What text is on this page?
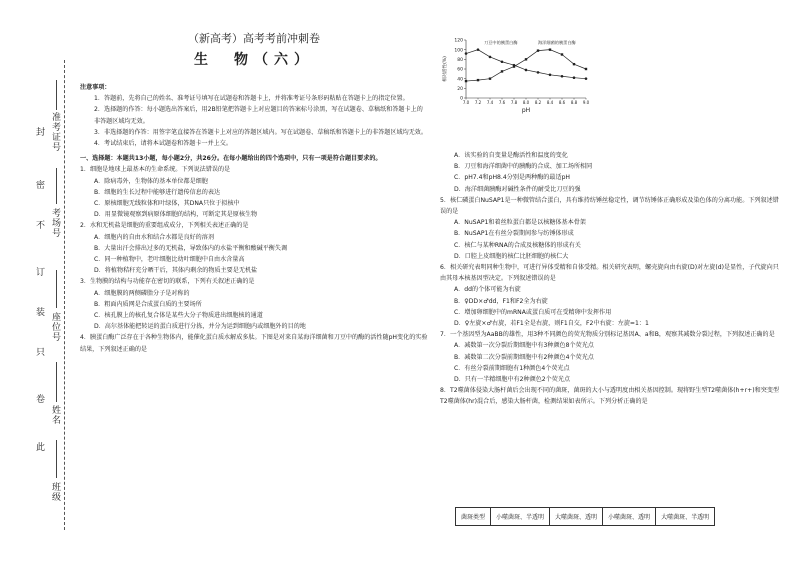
封
密
不
订
装
只
卷
此
准考证号
考场号
座位号
姓名
班级
（新高考）高考考前冲刺卷
生　物（六）

注意事项：

1．答题前，先将自己的姓名、准考证号填写在试题卷和答题卡上，并将准考证号条形码粘贴在答题卡上的指定位置。

2．选择题的作答：每小题选出答案后，用2B铅笔把答题卡上对应题目的答案标号涂黑，写在试题卷、草稿纸和答题卡上的非答题区域均无效。

3．非选择题的作答：用签字笔直接答在答题卡上对应的答题区域内。写在试题卷、草稿纸和答题卡上的非答题区域均无效。

4．考试结束后，请将本试题卷和答题卡一并上交。

一、选择题：本题共13小题，每小题2分，共26分。在每小题给出的四个选项中，只有一项是符合题目要求的。

1．细胞是地球上最基本的生命系统。下列说法错误的是

A．除病毒外，生物体的基本单位都是细胞

B．细胞的生长过程中能够进行遗传信息的表达

C．原核细胞无线粒体和叶绿体，其DNA只位于拟核中

D．用显微镜观察到病原体细胞的结构，可断定其是原核生物

2．水和无机盐是细胞的重要组成成分，下列相关表述正确的是

A．细胞内的自由水和结合水都是良好的溶剂

B．大量出汗会排出过多的无机盐，导致体内的水盐平衡和酸碱平衡失调

C．同一种植物中，老叶细胞比幼叶细胞中自由水含量高

D．将植物秸秆充分晒干后，其体内剩余的物质主要是无机盐

3．生物膜的结构与功能存在密切的联系，下列有关叙述正确的是

A．细胞膜的两侧磷脂分子是对称的

B．粗面内质网是合成蛋白质的主要场所

C．核孔膜上的核孔复合体是某些大分子物质进出细胞核的通道

D．高尔基体能把转运的蛋白质进行分拣，并分为运到细胞内或细胞外的目的地

4．胰蛋白酶广泛存在于各种生物体内，能催化蛋白质水解成多肽。下图是对来自某海洋细菌和刀豆中的酶的活性随pH变化的实验结果，下列叙述正确的是

0
20
40
60
80
100
120
7.0 7.2 7.4 7.6 7.8 8.0 8.2 8.4 8.6 8.8 9.0
pH
相对活性(%)
刀豆中的胰蛋白酶	海洋细菌的胰蛋白酶

A．该实验的自变量是酶活性和温度的变化

B．刀豆和海洋细菌中的胰酶的合成、加工场所相同

C．pH7.4和pH8.4分别是两种酶的最适pH

D．海洋细菌胰酶对碱性条件的耐受比刀豆的强

5．核仁磷蛋白NuSAP1是一种微管结合蛋白，具有维持纺锤丝稳定性，调节纺锤体正确形成及染色体的分离功能。下列叙述错误的是

A．NuSAP1和着丝粒蛋白都是以核糖体基本骨架

B．NuSAP1在有丝分裂期间参与纺锤体形成

C．核仁与某种RNA的合成及核糖体的形成有关

D．口腔上皮细胞的核仁比胚细胞的核仁大

6．相关研究表明同种生物中，可进行异体受精和自体受精。相关研究表明，螺壳旋向由右旋(D)对左旋(d)是显性，子代旋向只由其母本核基因型决定。下列叙述错误的是

A．dd的个体可能为右旋

B．♀DD×♂dd，F1和F2全为右旋

C．增加卵细胞中的mRNA或蛋白质可在受精卵中发挥作用

D．♀左旋×♂右旋，若F1全是右旋，则F1自交，F2中右旋：左旋=1：1

7．一个基因型为AaBB的雄性，用3种不同颜色的荧光物质分别标记基因A、a和B，观察其减数分裂过程，下列叙述正确的是

A．减数第一次分裂后期细胞中有3种颜色8个荧光点

B．减数第二次分裂前期细胞中有2种颜色4个荧光点

C．有丝分裂前期细胞有1种颜色4个荧光点

D．只有一半精细胞中有2种颜色2个荧光点

8．T2噬菌体侵染大肠杆菌后会出现不同的菌斑，菌斑的大小与透明度由相关基因控制。现将野生型T2噬菌体(h+r+)和突变型T2噬菌体(hr)混合后，感染大肠杆菌，检测结果如表所示。下列分析正确的是

菌斑类型	小噬菌斑、半透明	大噬菌斑、透明	小噬菌斑、透明	大噬菌斑、半透明
